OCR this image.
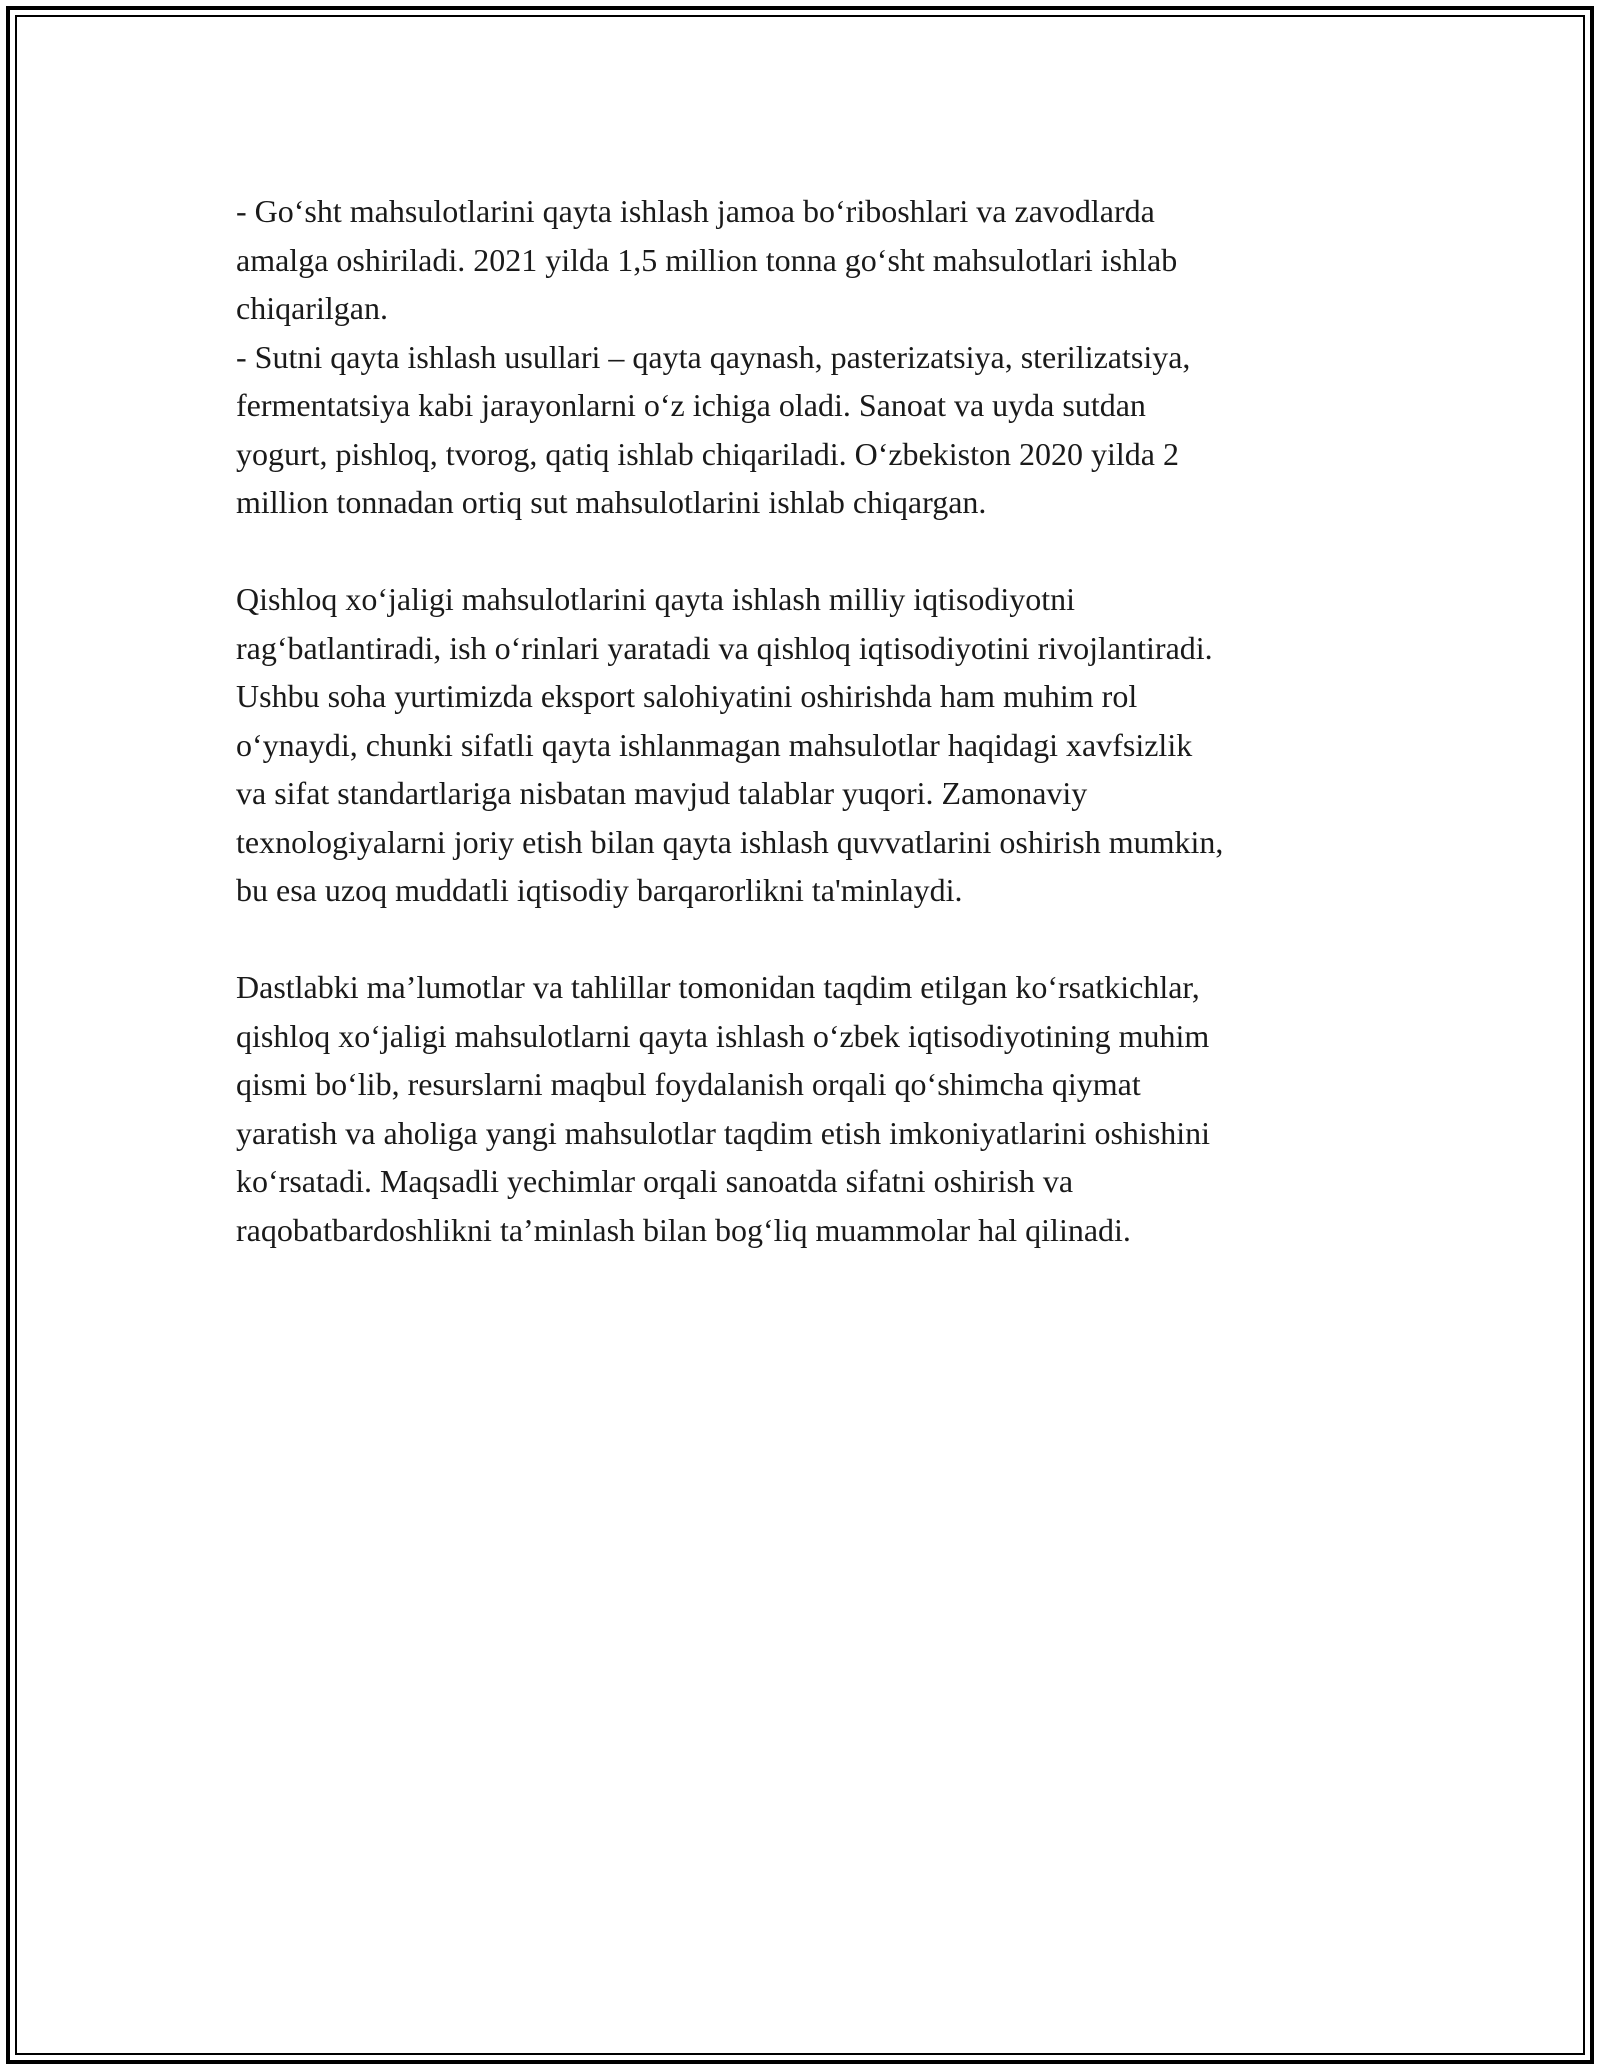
- Go‘sht mahsulotlarini qayta ishlash jamoa bo‘riboshlari va zavodlarda
amalga oshiriladi. 2021 yilda 1,5 million tonna go‘sht mahsulotlari ishlab
chiqarilgan.
- Sutni qayta ishlash usullari – qayta qaynash, pasterizatsiya, sterilizatsiya,
fermentatsiya kabi jarayonlarni o‘z ichiga oladi. Sanoat va uyda sutdan
yogurt, pishloq, tvorog, qatiq ishlab chiqariladi. O‘zbekiston 2020 yilda 2
million tonnadan ortiq sut mahsulotlarini ishlab chiqargan.

Qishloq xo‘jaligi mahsulotlarini qayta ishlash milliy iqtisodiyotni
rag‘batlantiradi, ish o‘rinlari yaratadi va qishloq iqtisodiyotini rivojlantiradi.
Ushbu soha yurtimizda eksport salohiyatini oshirishda ham muhim rol
o‘ynaydi, chunki sifatli qayta ishlanmagan mahsulotlar haqidagi xavfsizlik
va sifat standartlariga nisbatan mavjud talablar yuqori. Zamonaviy
texnologiyalarni joriy etish bilan qayta ishlash quvvatlarini oshirish mumkin,
bu esa uzoq muddatli iqtisodiy barqarorlikni ta'minlaydi.

Dastlabki ma’lumotlar va tahlillar tomonidan taqdim etilgan ko‘rsatkichlar,
qishloq xo‘jaligi mahsulotlarni qayta ishlash o‘zbek iqtisodiyotining muhim
qismi bo‘lib, resurslarni maqbul foydalanish orqali qo‘shimcha qiymat
yaratish va aholiga yangi mahsulotlar taqdim etish imkoniyatlarini oshishini
ko‘rsatadi. Maqsadli yechimlar orqali sanoatda sifatni oshirish va
raqobatbardoshlikni ta’minlash bilan bog‘liq muammolar hal qilinadi.
